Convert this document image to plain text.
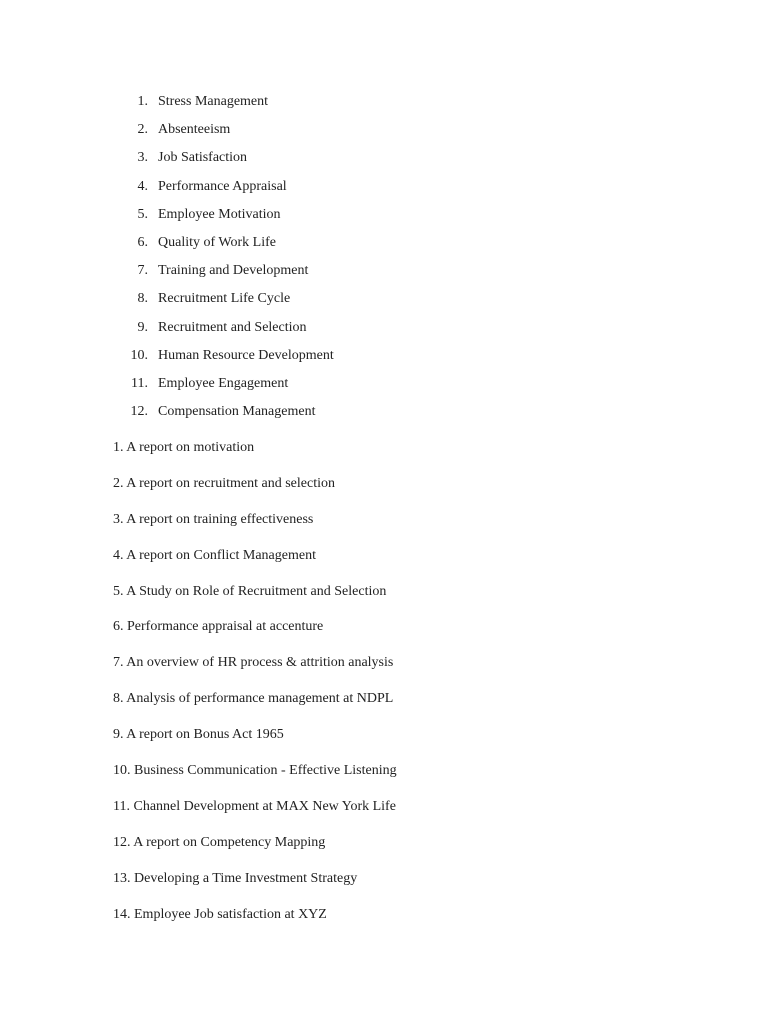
1. Stress Management
2. Absenteeism
3. Job Satisfaction
4. Performance Appraisal
5. Employee Motivation
6. Quality of Work Life
7. Training and Development
8. Recruitment Life Cycle
9. Recruitment and Selection
10. Human Resource Development
11. Employee Engagement
12. Compensation Management
1. A report on motivation
2. A report on recruitment and selection
3. A report on training effectiveness
4. A report on Conflict Management
5. A Study on Role of Recruitment and Selection
6. Performance appraisal at accenture
7. An overview of HR process & attrition analysis
8. Analysis of performance management at NDPL
9. A report on Bonus Act 1965
10. Business Communication - Effective Listening
11. Channel Development at MAX New York Life
12. A report on Competency Mapping
13. Developing a Time Investment Strategy
14. Employee Job satisfaction at XYZ
